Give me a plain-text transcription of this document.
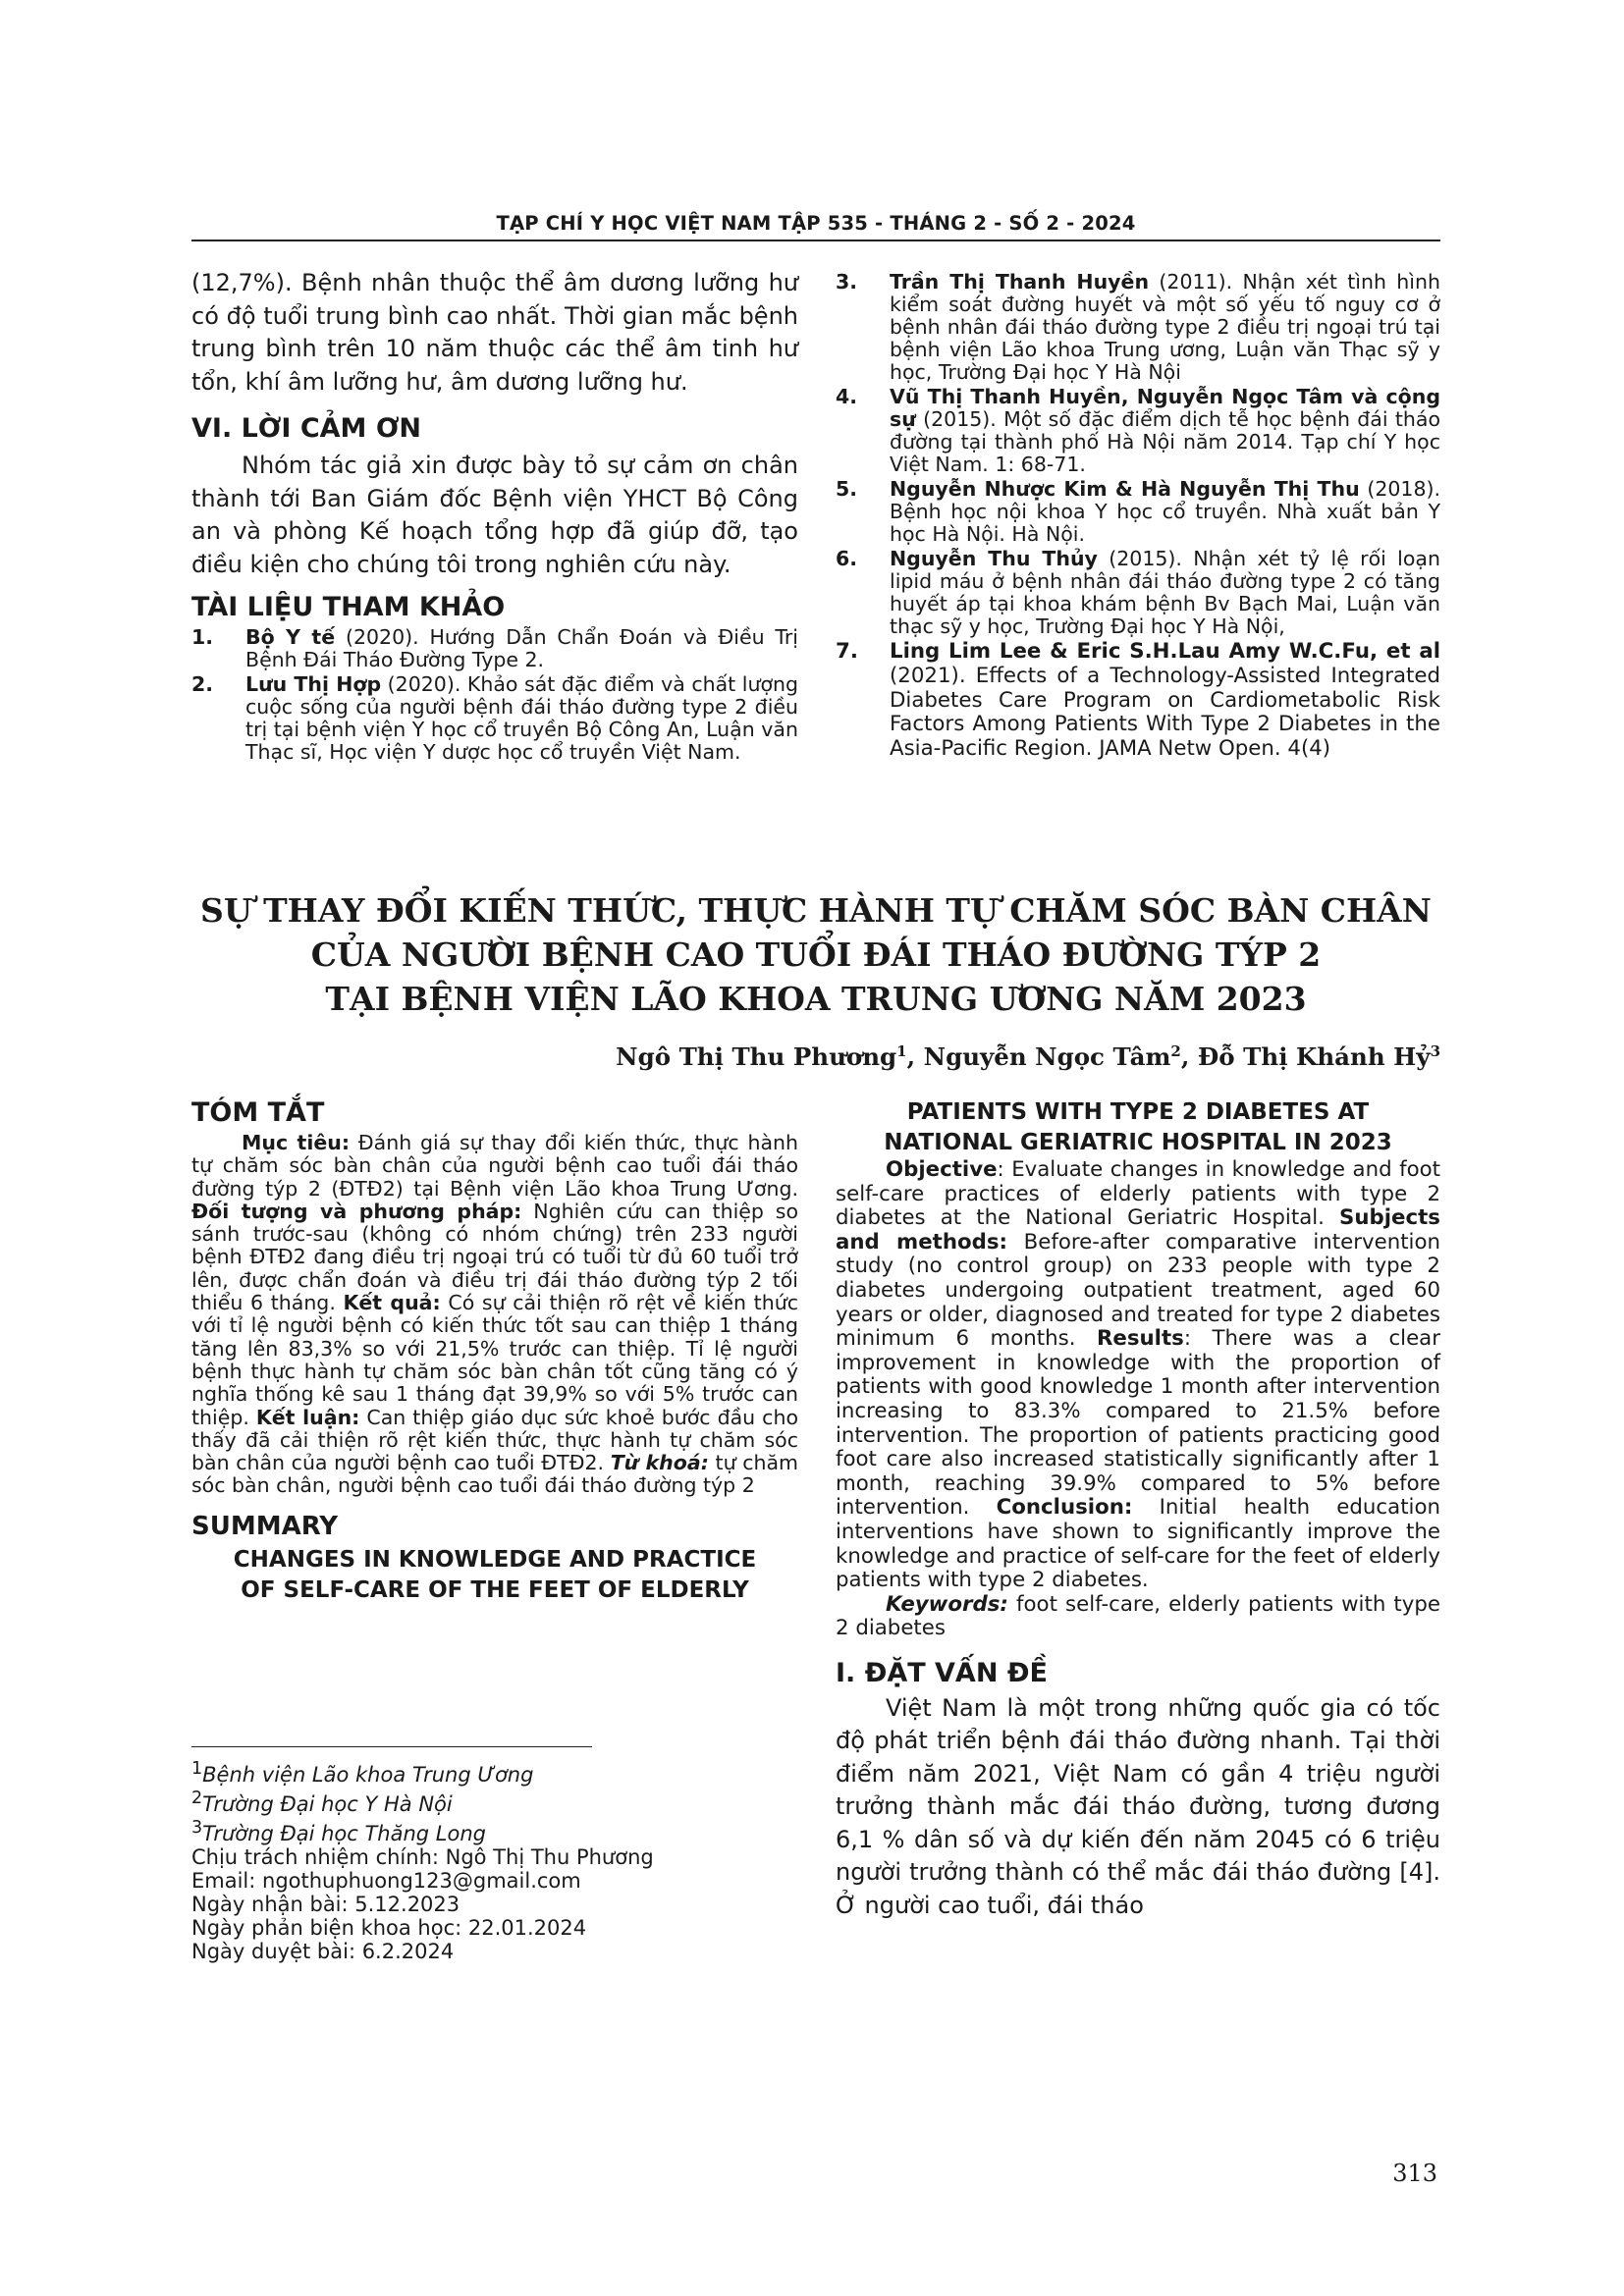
TẠP CHÍ Y HỌC VIỆT NAM TẬP 535 - THÁNG 2 - SỐ 2 - 2024

(12,7%). Bệnh nhân thuộc thể âm dương lưỡng hư có độ tuổi trung bình cao nhất. Thời gian mắc bệnh trung bình trên 10 năm thuộc các thể âm tinh hư tổn, khí âm lưỡng hư, âm dương lưỡng hư.

VI. LỜI CẢM ƠN

Nhóm tác giả xin được bày tỏ sự cảm ơn chân thành tới Ban Giám đốc Bệnh viện YHCT Bộ Công an và phòng Kế hoạch tổng hợp đã giúp đỡ, tạo điều kiện cho chúng tôi trong nghiên cứu này.

TÀI LIỆU THAM KHẢO

1. Bộ Y tế (2020). Hướng Dẫn Chẩn Đoán và Điều Trị Bệnh Đái Tháo Đường Type 2.
2. Lưu Thị Hợp (2020). Khảo sát đặc điểm và chất lượng cuộc sống của người bệnh đái tháo đường type 2 điều trị tại bệnh viện Y học cổ truyền Bộ Công An, Luận văn Thạc sĩ, Học viện Y dược học cổ truyền Việt Nam.
3. Trần Thị Thanh Huyền (2011). Nhận xét tình hình kiểm soát đường huyết và một số yếu tố nguy cơ ở bệnh nhân đái tháo đường type 2 điều trị ngoại trú tại bệnh viện Lão khoa Trung ương, Luận văn Thạc sỹ y học, Trường Đại học Y Hà Nội
4. Vũ Thị Thanh Huyền, Nguyễn Ngọc Tâm và cộng sự (2015). Một số đặc điểm dịch tễ học bệnh đái tháo đường tại thành phố Hà Nội năm 2014. Tạp chí Y học Việt Nam. 1: 68-71.
5. Nguyễn Nhược Kim & Hà Nguyễn Thị Thu (2018). Bệnh học nội khoa Y học cổ truyền. Nhà xuất bản Y học Hà Nội. Hà Nội.
6. Nguyễn Thu Thủy (2015). Nhận xét tỷ lệ rối loạn lipid máu ở bệnh nhân đái tháo đường type 2 có tăng huyết áp tại khoa khám bệnh Bv Bạch Mai, Luận văn thạc sỹ y học, Trường Đại học Y Hà Nội,
7. Ling Lim Lee & Eric S.H.Lau Amy W.C.Fu, et al (2021). Effects of a Technology-Assisted Integrated Diabetes Care Program on Cardiometabolic Risk Factors Among Patients With Type 2 Diabetes in the Asia-Pacific Region. JAMA Netw Open. 4(4)
SỰ THAY ĐỔI KIẾN THỨC, THỰC HÀNH TỰ CHĂM SÓC BÀN CHÂN
CỦA NGƯỜI BỆNH CAO TUỔI ĐÁI THÁO ĐƯỜNG TÝP 2
TẠI BỆNH VIỆN LÃO KHOA TRUNG ƯƠNG NĂM 2023
Ngô Thị Thu Phương$^1$, Nguyễn Ngọc Tâm$^2$, Đỗ Thị Khánh Hỷ$^3$

TÓM TẮT

Mục tiêu: Đánh giá sự thay đổi kiến thức, thực hành tự chăm sóc bàn chân của người bệnh cao tuổi đái tháo đường týp 2 (ĐTĐ2) tại Bệnh viện Lão khoa Trung Ương. Đối tượng và phương pháp: Nghiên cứu can thiệp so sánh trước-sau (không có nhóm chứng) trên 233 người bệnh ĐTĐ2 đang điều trị ngoại trú có tuổi từ đủ 60 tuổi trở lên, được chẩn đoán và điều trị đái tháo đường týp 2 tối thiểu 6 tháng. Kết quả: Có sự cải thiện rõ rệt về kiến thức với tỉ lệ người bệnh có kiến thức tốt sau can thiệp 1 tháng tăng lên 83,3% so với 21,5% trước can thiệp. Tỉ lệ người bệnh thực hành tự chăm sóc bàn chân tốt cũng tăng có ý nghĩa thống kê sau 1 tháng đạt 39,9% so với 5% trước can thiệp. Kết luận: Can thiệp giáo dục sức khoẻ bước đầu cho thấy đã cải thiện rõ rệt kiến thức, thực hành tự chăm sóc bàn chân của người bệnh cao tuổi ĐTĐ2. Từ khoá: tự chăm sóc bàn chân, người bệnh cao tuổi đái tháo đường týp 2

SUMMARY

CHANGES IN KNOWLEDGE AND PRACTICE
OF SELF-CARE OF THE FEET OF ELDERLY

$^1$Bệnh viện Lão khoa Trung Ương

$^2$Trường Đại học Y Hà Nội

$^3$Trường Đại học Thăng Long

Chịu trách nhiệm chính: Ngô Thị Thu Phương

Email: ngothuphuong123@gmail.com

Ngày nhận bài: 5.12.2023

Ngày phản biện khoa học: 22.01.2024

Ngày duyệt bài: 6.2.2024

PATIENTS WITH TYPE 2 DIABETES AT
NATIONAL GERIATRIC HOSPITAL IN 2023

Objective: Evaluate changes in knowledge and foot self-care practices of elderly patients with type 2 diabetes at the National Geriatric Hospital. Subjects and methods: Before-after comparative intervention study (no control group) on 233 people with type 2 diabetes undergoing outpatient treatment, aged 60 years or older, diagnosed and treated for type 2 diabetes minimum 6 months. Results: There was a clear improvement in knowledge with the proportion of patients with good knowledge 1 month after intervention increasing to 83.3% compared to 21.5% before intervention. The proportion of patients practicing good foot care also increased statistically significantly after 1 month, reaching 39.9% compared to 5% before intervention. Conclusion: Initial health education interventions have shown to significantly improve the knowledge and practice of self-care for the feet of elderly patients with type 2 diabetes.

Keywords: foot self-care, elderly patients with type 2 diabetes

I. ĐẶT VẤN ĐỀ

Việt Nam là một trong những quốc gia có tốc độ phát triển bệnh đái tháo đường nhanh. Tại thời điểm năm 2021, Việt Nam có gần 4 triệu người trưởng thành mắc đái tháo đường, tương đương 6,1 % dân số và dự kiến đến năm 2045 có 6 triệu người trưởng thành có thể mắc đái tháo đường [4]. Ở người cao tuổi, đái tháo

313
